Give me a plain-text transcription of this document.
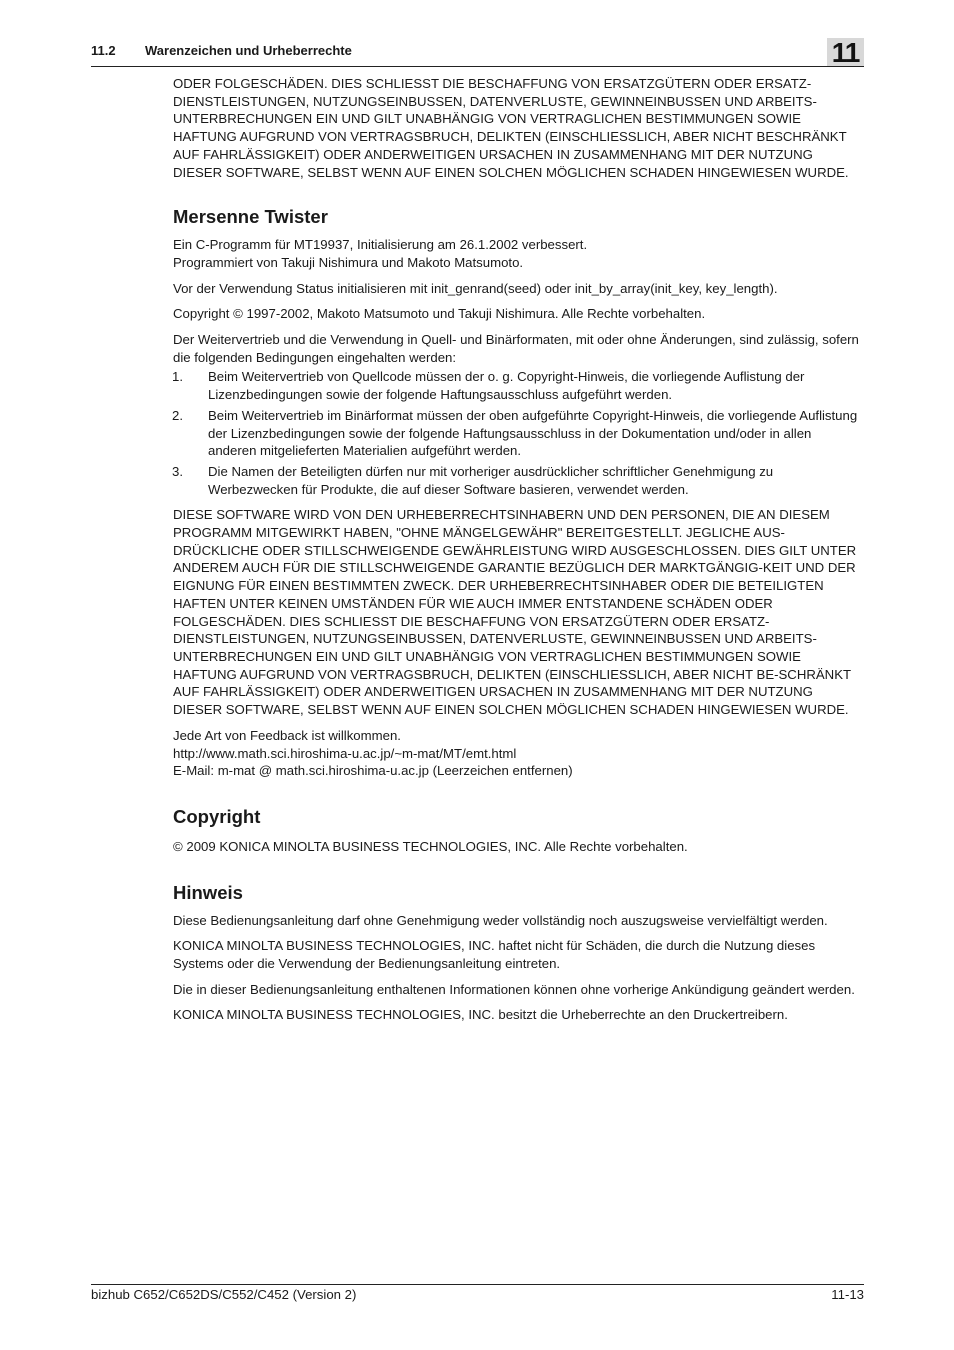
11.2 Warenzeichen und Urheberrechte	11

ODER FOLGESCHÄDEN. DIES SCHLIESST DIE BESCHAFFUNG VON ERSATZGÜTERN ODER ERSATZ-DIENSTLEISTUNGEN, NUTZUNGSEINBUSSEN, DATENVERLUSTE, GEWINNEINBUSSEN UND ARBEITS-UNTERBRECHUNGEN EIN UND GILT UNABHÄNGIG VON VERTRAGLICHEN BESTIMMUNGEN SOWIE HAFTUNG AUFGRUND VON VERTRAGSBRUCH, DELIKTEN (EINSCHLIESSLICH, ABER NICHT BESCHRÄNKT AUF FAHRLÄSSIGKEIT) ODER ANDERWEITIGEN URSACHEN IN ZUSAMMENHANG MIT DER NUTZUNG DIESER SOFTWARE, SELBST WENN AUF EINEN SOLCHEN MÖGLICHEN SCHADEN HINGEWIESEN WURDE.

Mersenne Twister

Ein C-Programm für MT19937, Initialisierung am 26.1.2002 verbessert.
Programmiert von Takuji Nishimura und Makoto Matsumoto.

Vor der Verwendung Status initialisieren mit init_genrand(seed) oder init_by_array(init_key, key_length).

Copyright © 1997-2002, Makoto Matsumoto und Takuji Nishimura. Alle Rechte vorbehalten.

Der Weitervertrieb und die Verwendung in Quell- und Binärformaten, mit oder ohne Änderungen, sind zulässig, sofern die folgenden Bedingungen eingehalten werden:

1. Beim Weitervertrieb von Quellcode müssen der o. g. Copyright-Hinweis, die vorliegende Auflistung der Lizenzbedingungen sowie der folgende Haftungsausschluss aufgeführt werden.
2. Beim Weitervertrieb im Binärformat müssen der oben aufgeführte Copyright-Hinweis, die vorliegende Auflistung der Lizenzbedingungen sowie der folgende Haftungsausschluss in der Dokumentation und/oder in allen anderen mitgelieferten Materialien aufgeführt werden.
3. Die Namen der Beteiligten dürfen nur mit vorheriger ausdrücklicher schriftlicher Genehmigung zu Werbezwecken für Produkte, die auf dieser Software basieren, verwendet werden.

DIESE SOFTWARE WIRD VON DEN URHEBERRECHTSINHABERN UND DEN PERSONEN, DIE AN DIESEM PROGRAMM MITGEWIRKT HABEN, "OHNE MÄNGELGEWÄHR" BEREITGESTELLT. JEGLICHE AUS-DRÜCKLICHE ODER STILLSCHWEIGENDE GEWÄHRLEISTUNG WIRD AUSGESCHLOSSEN. DIES GILT UNTER ANDEREM AUCH FÜR DIE STILLSCHWEIGENDE GARANTIE BEZÜGLICH DER MARKTGÄNGIG-KEIT UND DER EIGNUNG FÜR EINEN BESTIMMTEN ZWECK. DER URHEBERRECHTSINHABER ODER DIE BETEILIGTEN HAFTEN UNTER KEINEN UMSTÄNDEN FÜR WIE AUCH IMMER ENTSTANDENE SCHÄDEN ODER FOLGESCHÄDEN. DIES SCHLIESST DIE BESCHAFFUNG VON ERSATZGÜTERN ODER ERSATZ-DIENSTLEISTUNGEN, NUTZUNGSEINBUSSEN, DATENVERLUSTE, GEWINNEINBUSSEN UND ARBEITS-UNTERBRECHUNGEN EIN UND GILT UNABHÄNGIG VON VERTRAGLICHEN BESTIMMUNGEN SOWIE HAFTUNG AUFGRUND VON VERTRAGSBRUCH, DELIKTEN (EINSCHLIESSLICH, ABER NICHT BE-SCHRÄNKT AUF FAHRLÄSSIGKEIT) ODER ANDERWEITIGEN URSACHEN IN ZUSAMMENHANG MIT DER NUTZUNG DIESER SOFTWARE, SELBST WENN AUF EINEN SOLCHEN MÖGLICHEN SCHADEN HINGEWIESEN WURDE.

Jede Art von Feedback ist willkommen.
http://www.math.sci.hiroshima-u.ac.jp/~m-mat/MT/emt.html
E-Mail: m-mat @ math.sci.hiroshima-u.ac.jp (Leerzeichen entfernen)

Copyright

© 2009 KONICA MINOLTA BUSINESS TECHNOLOGIES, INC. Alle Rechte vorbehalten.

Hinweis

Diese Bedienungsanleitung darf ohne Genehmigung weder vollständig noch auszugsweise vervielfältigt werden.

KONICA MINOLTA BUSINESS TECHNOLOGIES, INC. haftet nicht für Schäden, die durch die Nutzung dieses Systems oder die Verwendung der Bedienungsanleitung eintreten.

Die in dieser Bedienungsanleitung enthaltenen Informationen können ohne vorherige Ankündigung geändert werden.

KONICA MINOLTA BUSINESS TECHNOLOGIES, INC. besitzt die Urheberrechte an den Druckertreibern.

bizhub C652/C652DS/C552/C452 (Version 2)	11-13
